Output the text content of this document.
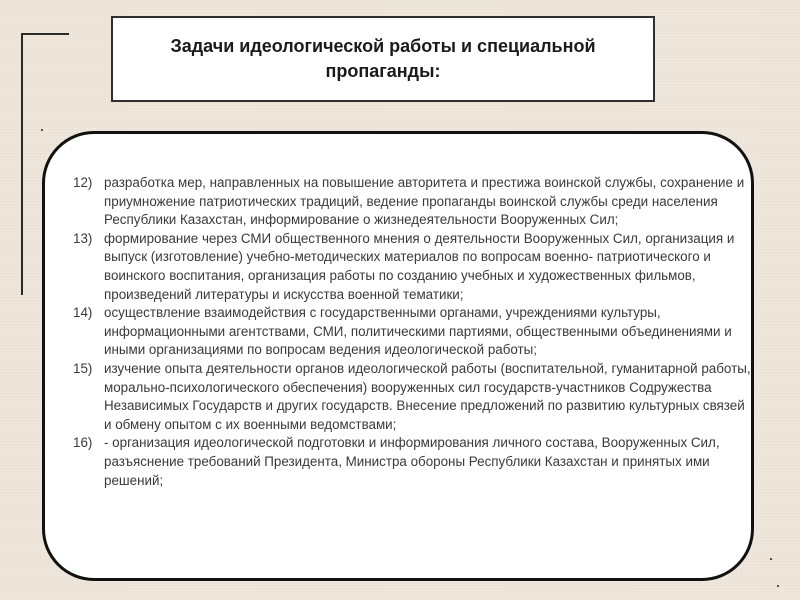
Задачи идеологической работы и специальной пропаганды:
12) разработка мер, направленных на повышение авторитета и престижа воинской службы, сохранение и приумножение патриотических традиций, ведение пропаганды воинской службы среди населения Республики Казахстан, информирование о жизнедеятельности Вооруженных Сил;
13) формирование через СМИ общественного мнения о деятельности Вооруженных Сил, организация и выпуск (изготовление) учебно-методических материалов по вопросам военно- патриотического и воинского воспитания, организация работы по созданию учебных и художественных фильмов, произведений литературы и искусства военной тематики;
14) осуществление взаимодействия с государственными органами, учреждениями культуры, информационными агентствами, СМИ, политическими партиями, общественными объединениями и иными организациями по вопросам ведения идеологической работы;
15) изучение опыта деятельности органов идеологической работы (воспитательной, гуманитарной работы, морально-психологического обеспечения) вооруженных сил государств-участников Содружества Независимых Государств и других государств. Внесение предложений по развитию культурных связей и обмену опытом с их военными ведомствами;
16) - организация идеологической подготовки и информирования личного состава, Вооруженных Сил, разъяснение требований Президента, Министра обороны Республики Казахстан и принятых ими решений;
